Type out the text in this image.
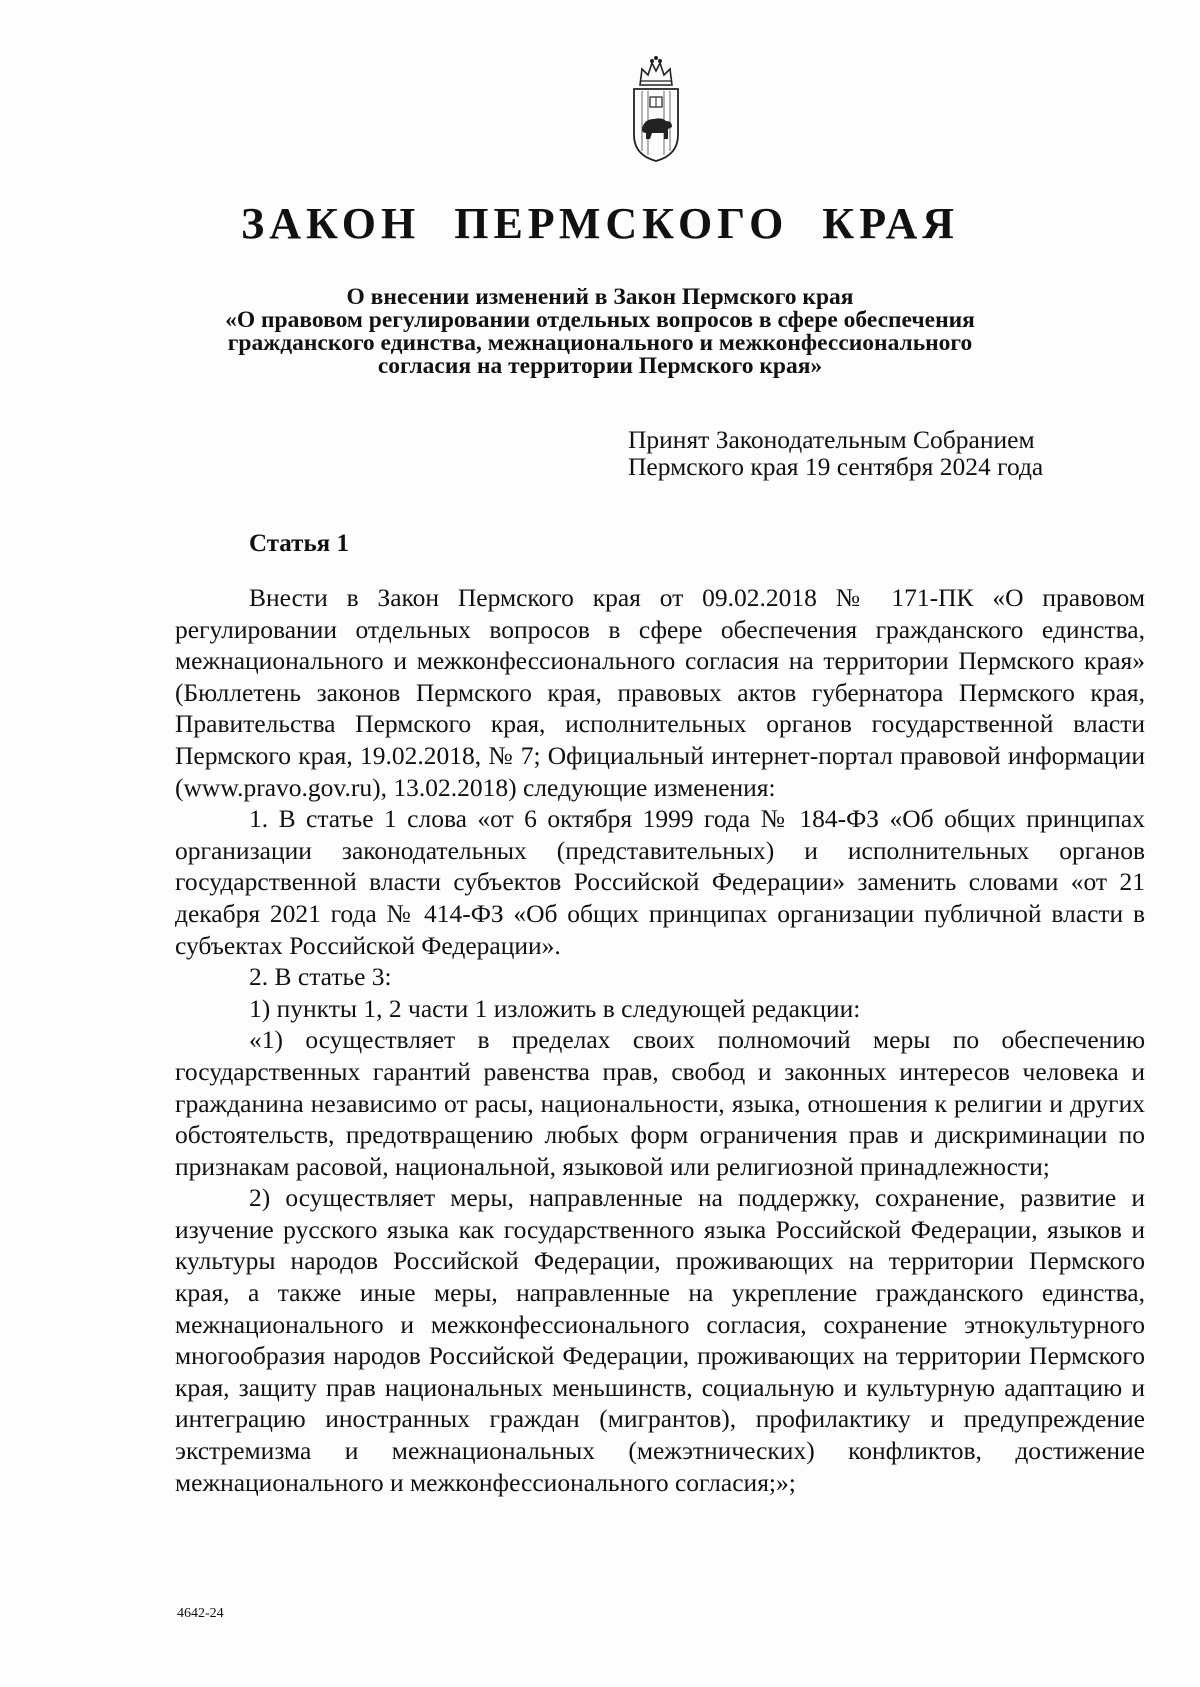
ЗАКОН ПЕРМСКОГО КРАЯ
О внесении изменений в Закон Пермского края
«О правовом регулировании отдельных вопросов в сфере обеспечения
гражданского единства, межнационального и межконфессионального
согласия на территории Пермского края»
Принят Законодательным Собранием
Пермского края 19 сентября 2024 года
Статья 1

Внести в Закон Пермского края от 09.02.2018 № 171-ПК «О правовом регулировании отдельных вопросов в сфере обеспечения гражданского единства, межнационального и межконфессионального согласия на территории Пермского края» (Бюллетень законов Пермского края, правовых актов губернатора Пермского края, Правительства Пермского края, исполнительных органов государственной власти Пермского края, 19.02.2018, № 7; Официальный интернет-портал правовой информации (www.pravo.gov.ru), 13.02.2018) следующие изменения:

1. В статье 1 слова «от 6 октября 1999 года № 184-ФЗ «Об общих принципах организации законодательных (представительных) и исполнительных органов государственной власти субъектов Российской Федерации» заменить словами «от 21 декабря 2021 года № 414-ФЗ «Об общих принципах организации публичной власти в субъектах Российской Федерации».

2. В статье 3:

1) пункты 1, 2 части 1 изложить в следующей редакции:

«1) осуществляет в пределах своих полномочий меры по обеспечению государственных гарантий равенства прав, свобод и законных интересов человека и гражданина независимо от расы, национальности, языка, отношения к религии и других обстоятельств, предотвращению любых форм ограничения прав и дискриминации по признакам расовой, национальной, языковой или религиозной принадлежности;

2) осуществляет меры, направленные на поддержку, сохранение, развитие и изучение русского языка как государственного языка Российской Федерации, языков и культуры народов Российской Федерации, проживающих на территории Пермского края, а также иные меры, направленные на укрепление гражданского единства, межнационального и межконфессионального согласия, сохранение этнокультурного многообразия народов Российской Федерации, проживающих на территории Пермского края, защиту прав национальных меньшинств, социальную и культурную адаптацию и интеграцию иностранных граждан (мигрантов), профилактику и предупреждение экстремизма и межнациональных (межэтнических) конфликтов, достижение межнационального и межконфессионального согласия;»;

4642-24
